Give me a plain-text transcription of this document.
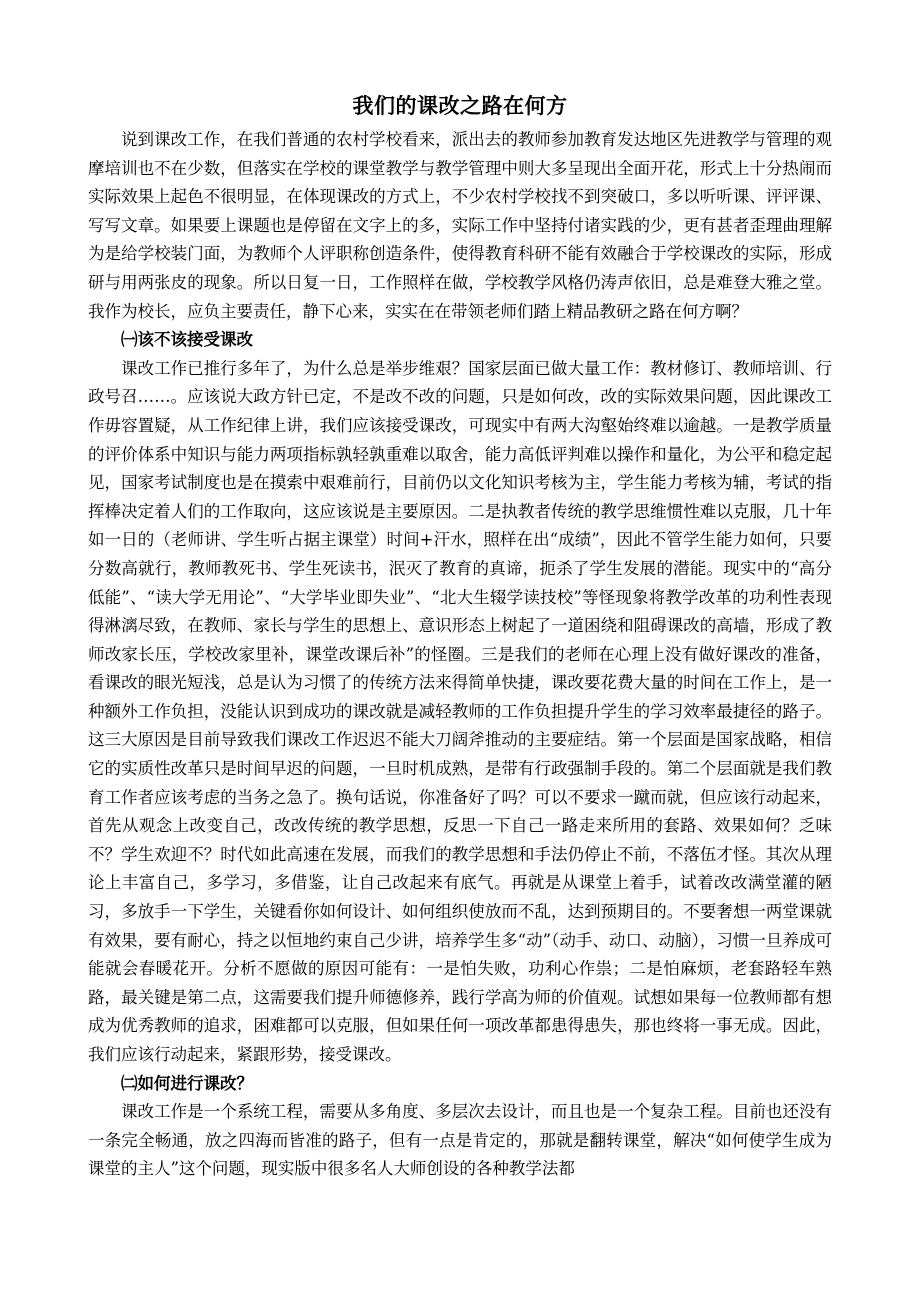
我们的课改之路在何方

说到课改工作，在我们普通的农村学校看来，派出去的教师参加教育发达地区先进教学与管理的观摩培训也不在少数，但落实在学校的课堂教学与教学管理中则大多呈现出全面开花，形式上十分热闹而实际效果上起色不很明显，在体现课改的方式上，不少农村学校找不到突破口，多以听听课、评评课、写写文章。如果要上课题也是停留在文字上的多，实际工作中坚持付诸实践的少，更有甚者歪理曲理解为是给学校装门面，为教师个人评职称创造条件，使得教育科研不能有效融合于学校课改的实际，形成研与用两张皮的现象。所以日复一日，工作照样在做，学校教学风格仍涛声依旧，总是难登大雅之堂。我作为校长，应负主要责任，静下心来，实实在在带领老师们踏上精品教研之路在何方啊？

㈠该不该接受课改

课改工作已推行多年了，为什么总是举步维艰？国家层面已做大量工作：教材修订、教师培训、行政号召……。应该说大政方针已定，不是改不改的问题，只是如何改，改的实际效果问题，因此课改工作毋容置疑，从工作纪律上讲，我们应该接受课改，可现实中有两大沟壑始终难以逾越。一是教学质量的评价体系中知识与能力两项指标孰轻孰重难以取舍，能力高低评判难以操作和量化，为公平和稳定起见，国家考试制度也是在摸索中艰难前行，目前仍以文化知识考核为主，学生能力考核为辅，考试的指挥棒决定着人们的工作取向，这应该说是主要原因。二是执教者传统的教学思维惯性难以克服，几十年如一日的（老师讲、学生听占据主课堂）时间+汗水，照样在出“成绩”，因此不管学生能力如何，只要分数高就行，教师教死书、学生死读书，泯灭了教育的真谛，扼杀了学生发展的潜能。现实中的“高分低能”、“读大学无用论”、“大学毕业即失业”、“北大生辍学读技校”等怪现象将教学改革的功利性表现得淋漓尽致，在教师、家长与学生的思想上、意识形态上树起了一道困绕和阻碍课改的高墙，形成了教师改家长压，学校改家里补，课堂改课后补”的怪圈。三是我们的老师在心理上没有做好课改的准备，看课改的眼光短浅，总是认为习惯了的传统方法来得简单快捷，课改要花费大量的时间在工作上，是一种额外工作负担，没能认识到成功的课改就是减轻教师的工作负担提升学生的学习效率最捷径的路子。这三大原因是目前导致我们课改工作迟迟不能大刀阔斧推动的主要症结。第一个层面是国家战略，相信它的实质性改革只是时间早迟的问题，一旦时机成熟，是带有行政强制手段的。第二个层面就是我们教育工作者应该考虑的当务之急了。换句话说，你准备好了吗？可以不要求一蹴而就，但应该行动起来，首先从观念上改变自己，改改传统的教学思想，反思一下自己一路走来所用的套路、效果如何？乏味不？学生欢迎不？时代如此高速在发展，而我们的教学思想和手法仍停止不前，不落伍才怪。其次从理论上丰富自己，多学习，多借鉴，让自己改起来有底气。再就是从课堂上着手，试着改改满堂灌的陋习，多放手一下学生，关键看你如何设计、如何组织使放而不乱，达到预期目的。不要奢想一两堂课就有效果，要有耐心，持之以恒地约束自己少讲，培养学生多“动”（动手、动口、动脑），习惯一旦养成可能就会春暖花开。分析不愿做的原因可能有：一是怕失败，功利心作祟；二是怕麻烦，老套路轻车熟路，最关键是第二点，这需要我们提升师德修养，践行学高为师的价值观。试想如果每一位教师都有想成为优秀教师的追求，困难都可以克服，但如果任何一项改革都患得患失，那也终将一事无成。因此，我们应该行动起来，紧跟形势，接受课改。

㈡如何进行课改？

课改工作是一个系统工程，需要从多角度、多层次去设计，而且也是一个复杂工程。目前也还没有一条完全畅通，放之四海而皆准的路子，但有一点是肯定的，那就是翻转课堂，解决“如何使学生成为课堂的主人”这个问题，现实版中很多名人大师创设的各种教学法都
